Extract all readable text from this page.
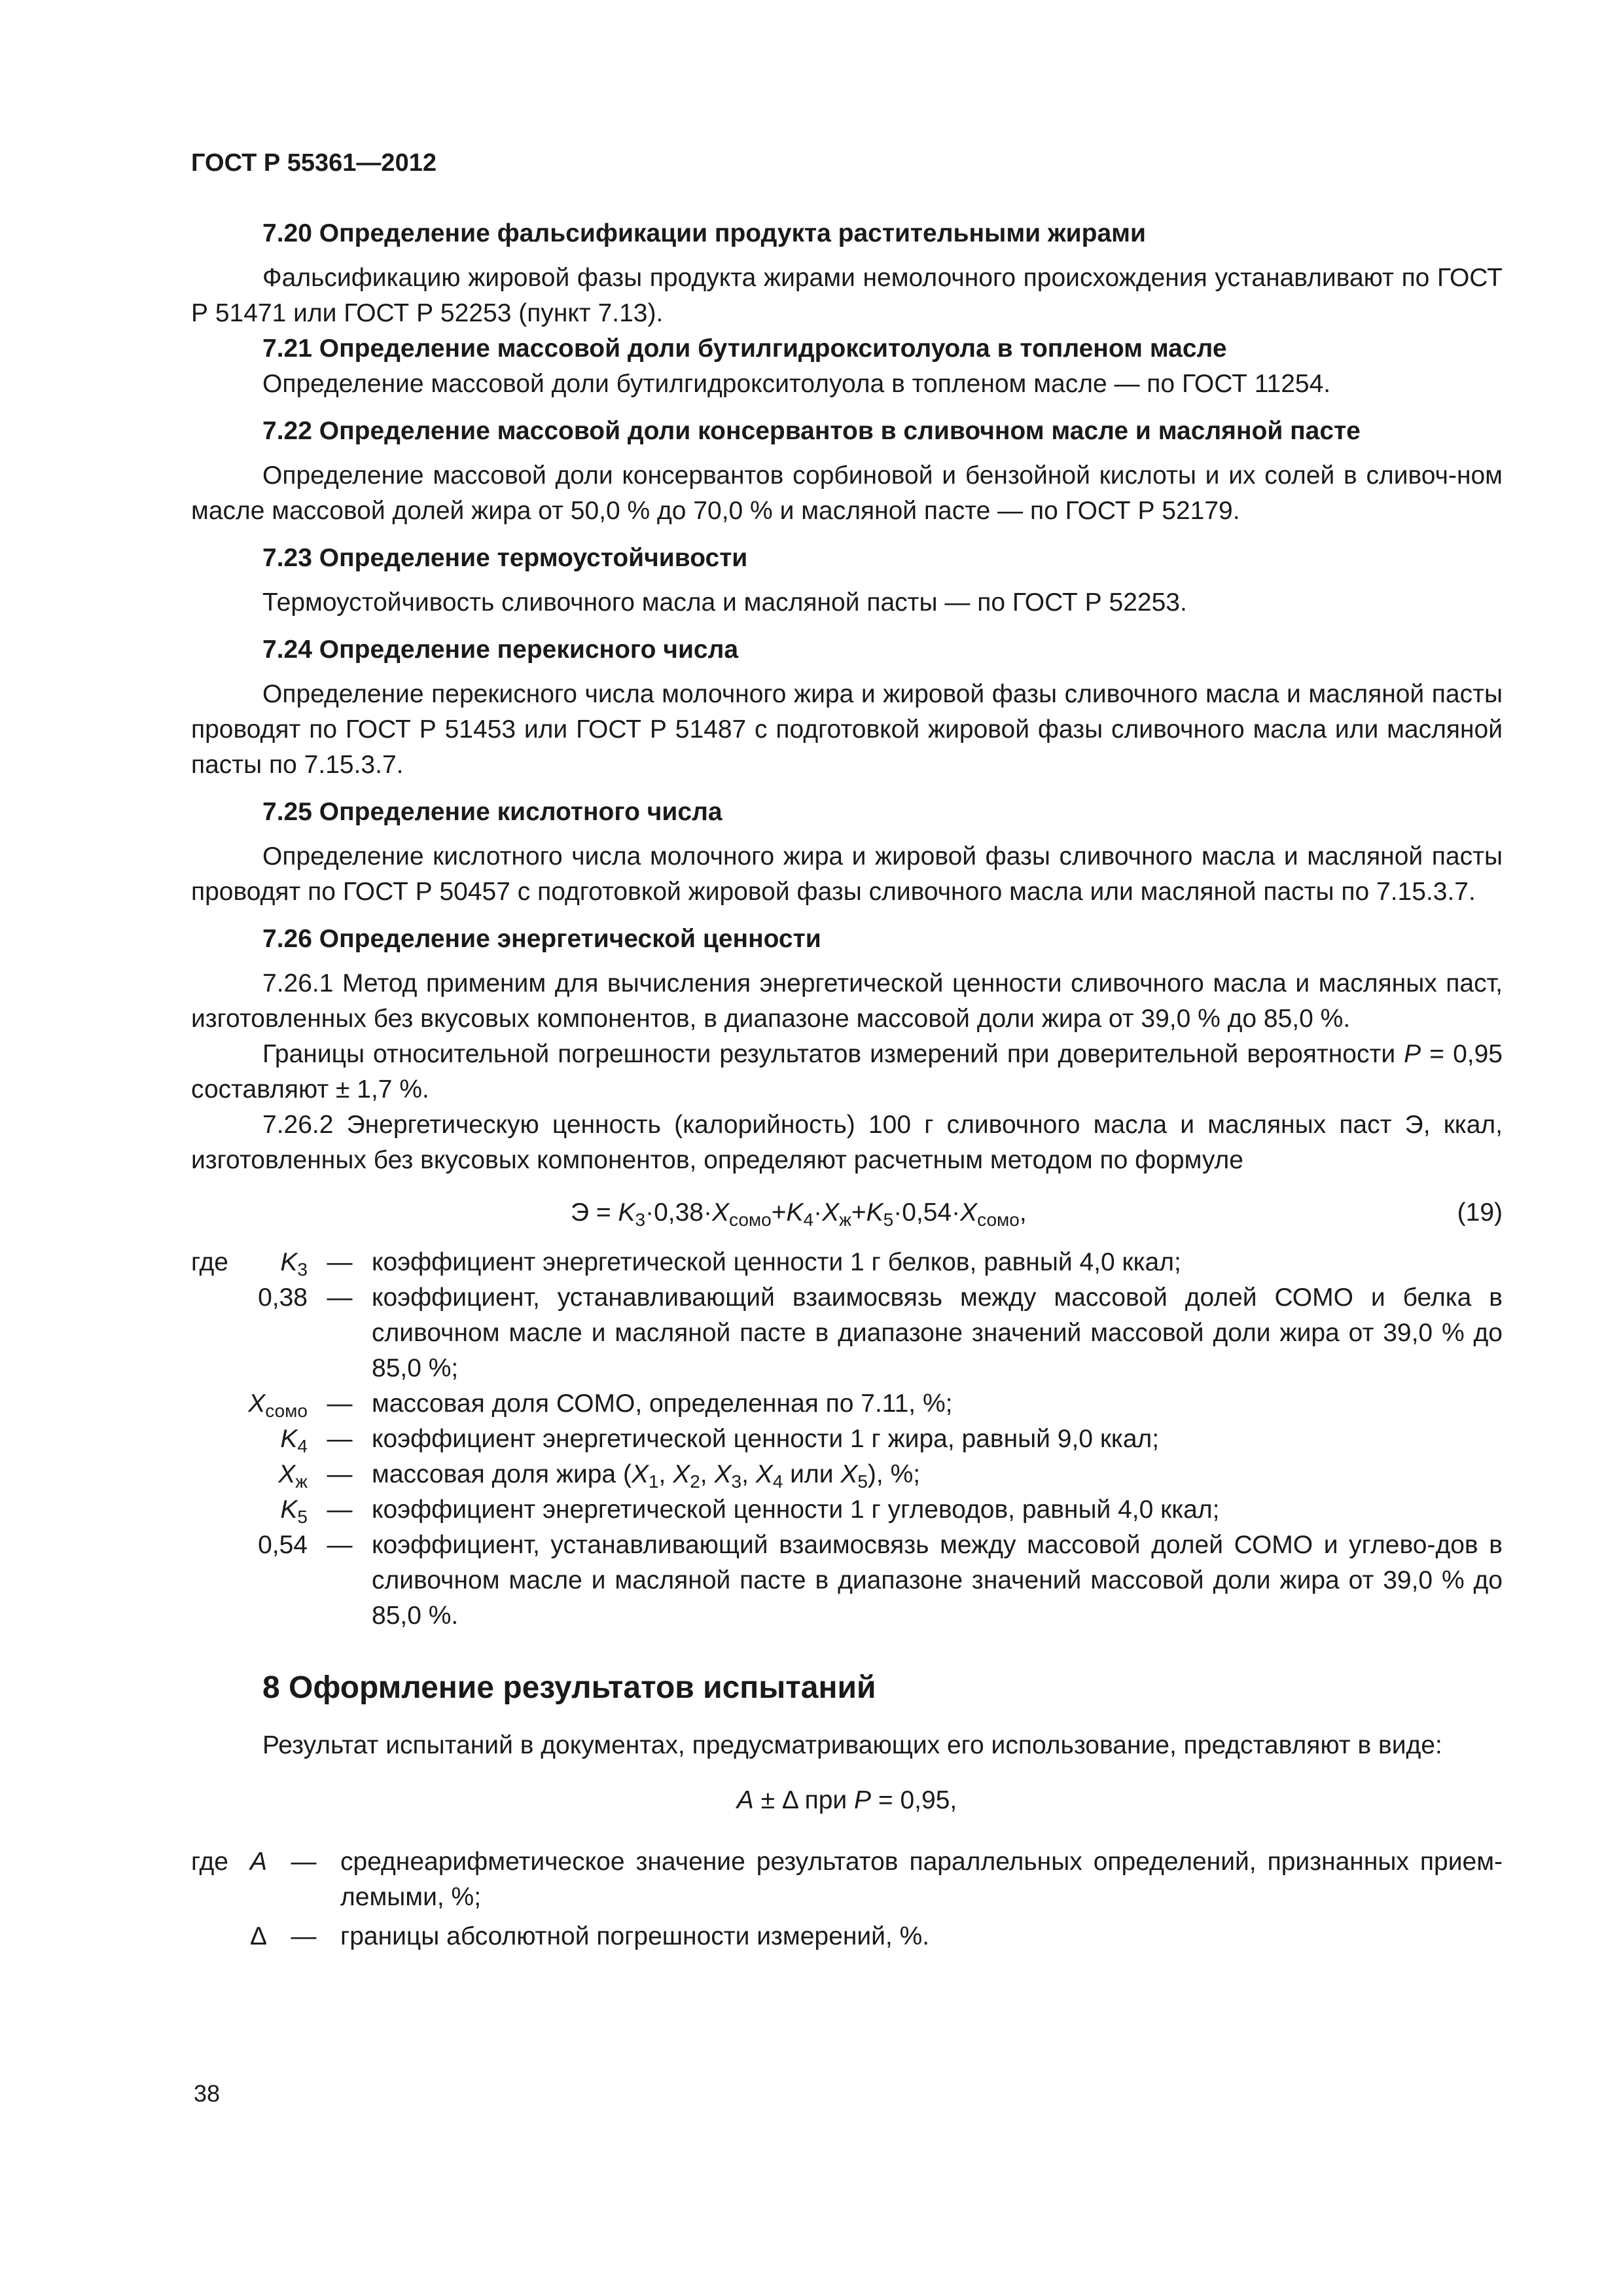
ГОСТ Р 55361—2012

7.20 Определение фальсификации продукта растительными жирами

Фальсификацию жировой фазы продукта жирами немолочного происхождения устанавливают по ГОСТ Р 51471 или ГОСТ Р 52253 (пункт 7.13).

7.21 Определение массовой доли бутилгидрокситолуола в топленом масле

Определение массовой доли бутилгидрокситолуола в топленом масле — по ГОСТ 11254.

7.22 Определение массовой доли консервантов в сливочном масле и масляной пасте

Определение массовой доли консервантов сорбиновой и бензойной кислоты и их солей в сливоч-ном масле массовой долей жира от 50,0 % до 70,0 % и масляной пасте — по ГОСТ Р 52179.

7.23 Определение термоустойчивости

Термоустойчивость сливочного масла и масляной пасты — по ГОСТ Р 52253.

7.24 Определение перекисного числа

Определение перекисного числа молочного жира и жировой фазы сливочного масла и масляной пасты проводят по ГОСТ Р 51453 или ГОСТ Р 51487 с подготовкой жировой фазы сливочного масла или масляной пасты по 7.15.3.7.

7.25 Определение кислотного числа

Определение кислотного числа молочного жира и жировой фазы сливочного масла и масляной пасты проводят по ГОСТ Р 50457 с подготовкой жировой фазы сливочного масла или масляной пасты по 7.15.3.7.

7.26 Определение энергетической ценности

7.26.1 Метод применим для вычисления энергетической ценности сливочного масла и масляных паст, изготовленных без вкусовых компонентов, в диапазоне массовой доли жира от 39,0 % до 85,0 %.

Границы относительной погрешности результатов измерений при доверительной вероятности P = 0,95 составляют ± 1,7 %.

7.26.2 Энергетическую ценность (калорийность) 100 г сливочного масла и масляных паст Э, ккал, изготовленных без вкусовых компонентов, определяют расчетным методом по формуле

$Э = K_3\cdot 0,38\cdot X_{сомо}+K_4\cdot X_ж+K_5\cdot 0,54\cdot X_{сомо}$,	(19)
где $K_3$ — коэффициент энергетической ценности 1 г белков, равный 4,0 ккал;
0,38 — коэффициент, устанавливающий взаимосвязь между массовой долей СОМО и белка в сливочном масле и масляной пасте в диапазоне значений массовой доли жира от 39,0 % до 85,0 %;
$X_{сомо}$ — массовая доля СОМО, определенная по 7.11, %;
$K_4$ — коэффициент энергетической ценности 1 г жира, равный 9,0 ккал;
$X_ж$ — массовая доля жира ($X_1$, $X_2$, $X_3$, $X_4$ или $X_5$), %;
$K_5$ — коэффициент энергетической ценности 1 г углеводов, равный 4,0 ккал;
0,54 — коэффициент, устанавливающий взаимосвязь между массовой долей СОМО и углево-дов в сливочном масле и масляной пасте в диапазоне значений массовой доли жира от 39,0 % до 85,0 %.

8 Оформление результатов испытаний

Результат испытаний в документах, предусматривающих его использование, представляют в виде:

A ± Δ при P = 0,95,

где A — среднеарифметическое значение результатов параллельных определений, признанных прием-лемыми, %;
Δ — границы абсолютной погрешности измерений, %.
38
